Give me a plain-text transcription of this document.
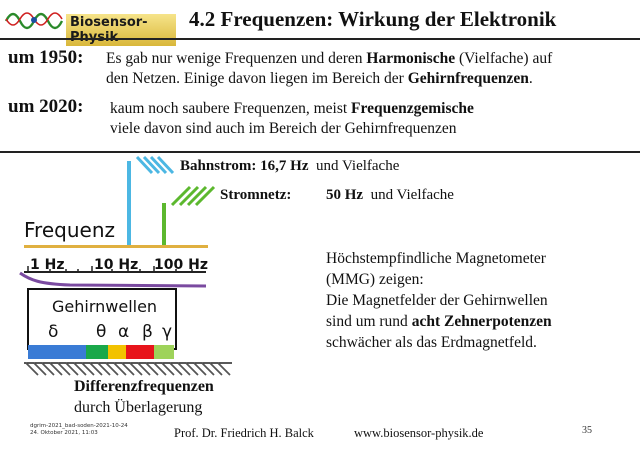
Biosensor-	4.2 Frequenzen: Wirkung der Elektronik
um 1950: Es gab nur wenige Frequenzen und deren Harmonische (Vielfache) auf
den Netzen. Einige davon liegen im Bereich der Gehirnfrequenzen.
um 2020: kaum noch saubere Frequenzen, meist Frequenzgemische
viele davon sind auch im Bereich der Gehirnfrequenzen
Frequenz
1 Hz 10 Hz 100 Hz
Gehirnwellen
δ θ α β γ
Bahnstrom: 16,7 Hz und Vielfache
Stromnetz: 50 Hz und Vielfache
Differenzfrequenzen
durch Überlagerung
Höchstempfindliche Magnetometer
(MMG) zeigen:
Die Magnetfelder der Gehirnwellen
sind um rund acht Zehnerpotenzen
schwächer als das Erdmagnetfeld.
dgrim-2021_bad-soden-2021-10-24
24. Oktober 2021, 11:03	Prof. Dr. Friedrich H. Balck	www.biosensor-physik.de	35
